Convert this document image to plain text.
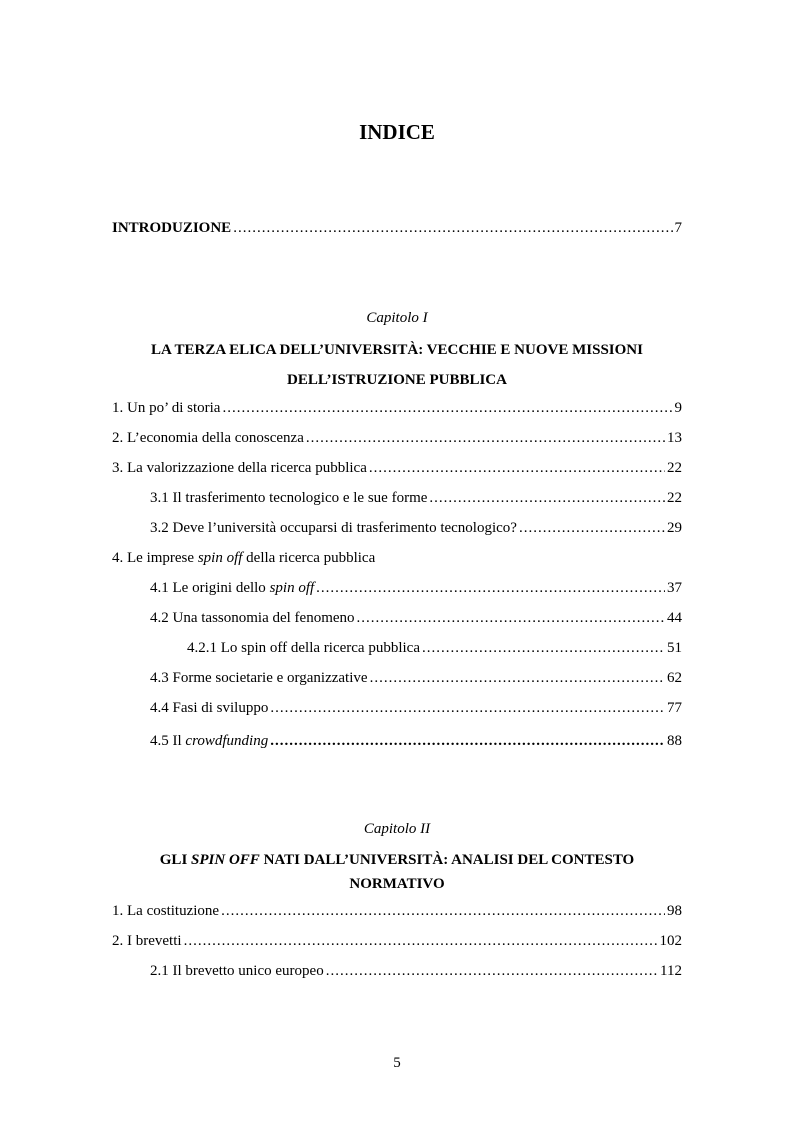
INDICE
INTRODUZIONE .....	7
Capitolo I
LA TERZA ELICA DELL’UNIVERSITÀ: VECCHIE E NUOVE MISSIONI
DELL’ISTRUZIONE PUBBLICA
1. Un po’ di storia .....	9
2. L’economia della conoscenza .....	13
3. La valorizzazione della ricerca pubblica .....	22
3.1 Il trasferimento tecnologico e le sue forme .....	22
3.2 Deve l’università occuparsi di trasferimento tecnologico? .....	29
4. Le imprese spin off della ricerca pubblica
4.1 Le origini dello spin off .....	37
4.2 Una tassonomia del fenomeno .....	44
4.2.1 Lo spin off della ricerca pubblica .....	51
4.3 Forme societarie e organizzative .....	62
4.4 Fasi di sviluppo .....	77
4.5 Il crowdfunding .....	88
Capitolo II
GLI SPIN OFF NATI DALL’UNIVERSITÀ: ANALISI DEL CONTESTO
NORMATIVO
1. La costituzione .....	98
2. I brevetti .....	102
2.1 Il brevetto unico europeo .....	112
5
